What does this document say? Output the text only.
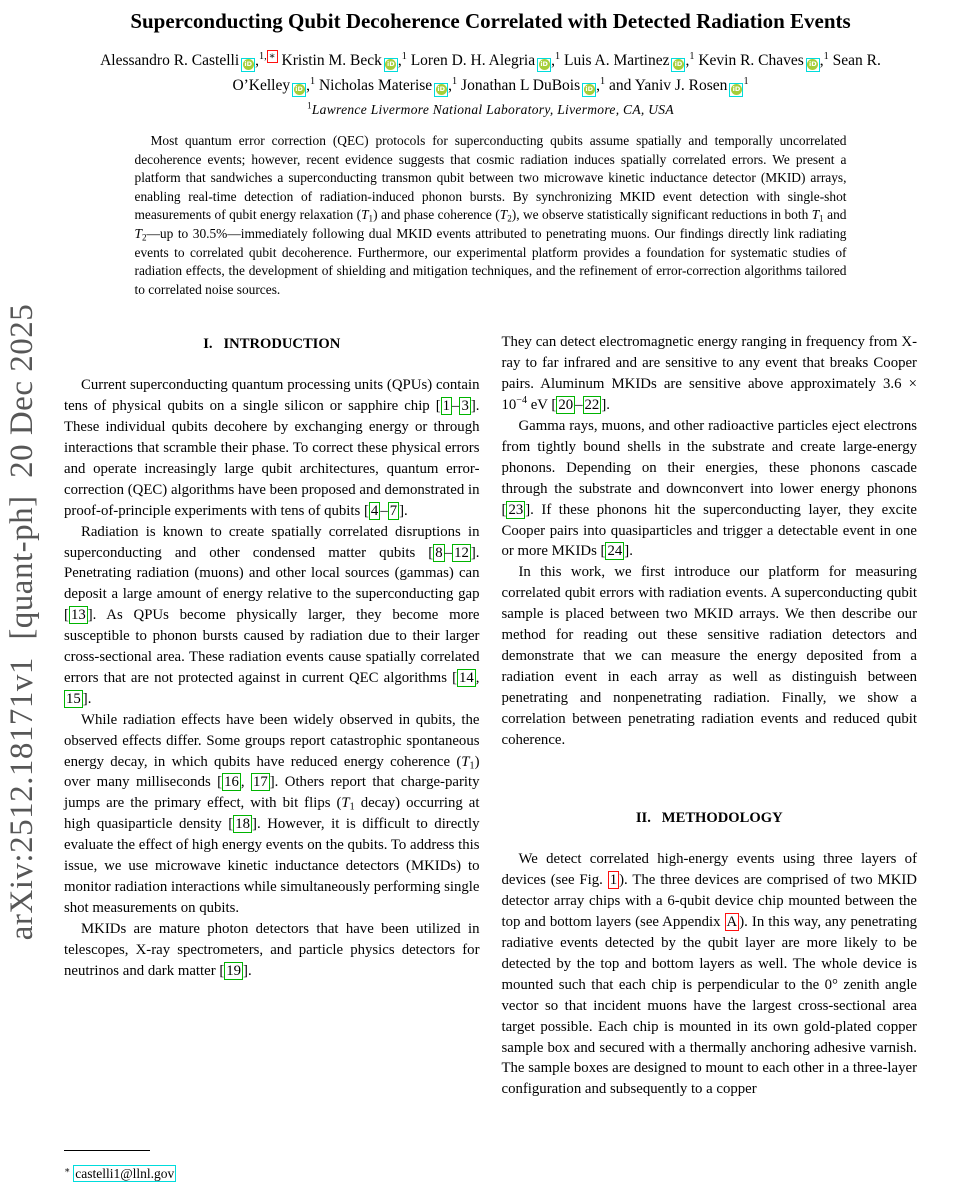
arXiv:2512.18171v1  [quant-ph]  20 Dec 2025
Superconducting Qubit Decoherence Correlated with Detected Radiation Events
Alessandro R. Castelli iD ,$^{1, ∗}$ Kristin M. Beck iD ,$^1$ Loren D. H. Alegria iD ,$^1$ Luis A. Martinez iD ,$^1$ Kevin R. Chaves iD ,$^1$ Sean R. O’Kelley iD ,$^1$ Nicholas Materise iD ,$^1$ Jonathan L DuBois iD ,$^1$ and Yaniv J. Rosen $iD^1$
$^1$Lawrence Livermore National Laboratory, Livermore, CA, USA
Most quantum error correction (QEC) protocols for superconducting qubits assume spatially and temporally uncorrelated decoherence events; however, recent evidence suggests that cosmic radiation induces spatially correlated errors. We present a platform that sandwiches a superconducting transmon qubit between two microwave kinetic inductance detector (MKID) arrays, enabling real-time detection of radiation-induced phonon bursts. By synchronizing MKID event detection with single-shot measurements of qubit energy relaxation $(T_1)$ and phase coherence $(T_2)$, we observe statistically significant reductions in both $T_1$ and $T_2—up$ to 30.5%—immediately following dual MKID events attributed to penetrating muons. Our findings directly link radiating events to correlated qubit decoherence. Furthermore, our experimental platform provides a foundation for systematic studies of radiation effects, the development of shielding and mitigation techniques, and the refinement of error-correction algorithms tailored to correlated noise sources.
I.   INTRODUCTION

Current superconducting quantum processing units (QPUs) contain tens of physical qubits on a single silicon or sapphire chip [ 1 – 3 ]. These individual qubits decohere by exchanging energy or through interactions that scramble their phase. To correct these physical errors and operate increasingly large qubit architectures, quantum error-correction (QEC) algorithms have been proposed and demonstrated in proof-of-principle experiments with tens of qubits [ 4 – 7 ].

Radiation is known to create spatially correlated disruptions in superconducting and other condensed matter qubits [ 8 – 12 ]. Penetrating radiation (muons) and other local sources (gammas) can deposit a large amount of energy relative to the superconducting gap [ 13 ]. As QPUs become physically larger, they become more susceptible to phonon bursts caused by radiation due to their larger cross-sectional area. These radiation events cause spatially correlated errors that are not protected against in current QEC algorithms [ 14 , 15 ].

While radiation effects have been widely observed in qubits, the observed effects differ. Some groups report catastrophic spontaneous energy decay, in which qubits have reduced energy coherence $(T_1)$ over many milliseconds [ 16 , 17 ]. Others report that charge-parity jumps are the primary effect, with bit flips ($T_1$ decay) occurring at high quasiparticle density [ 18 ]. However, it is difficult to directly evaluate the effect of high energy events on the qubits. To address this issue, we use microwave kinetic inductance detectors (MKIDs) to monitor radiation interactions while simultaneously performing single shot measurements on qubits.

MKIDs are mature photon detectors that have been utilized in telescopes, X-ray spectrometers, and particle physics detectors for neutrinos and dark matter [ 19 ].

They can detect electromagnetic energy ranging in frequency from X-ray to far infrared and are sensitive to any event that breaks Cooper pairs. Aluminum MKIDs are sensitive above approximately $3.6 \times 10^{-4}$ eV [ 20 – 22 ].

Gamma rays, muons, and other radioactive particles eject electrons from tightly bound shells in the substrate and create large-energy phonons. Depending on their energies, these phonons cascade through the substrate and downconvert into lower energy phonons [ 23 ]. If these phonons hit the superconducting layer, they excite Cooper pairs into quasiparticles and trigger a detectable event in one or more MKIDs [ 24 ].

In this work, we first introduce our platform for measuring correlated qubit errors with radiation events. A superconducting qubit sample is placed between two MKID arrays. We then describe our method for reading out these sensitive radiation detectors and demonstrate that we can measure the energy deposited from a radiation event in each array as well as distinguish between penetrating and nonpenetrating radiation. Finally, we show a correlation between penetrating radiation events and reduced qubit coherence.

II.   METHODOLOGY

We detect correlated high-energy events using three layers of devices (see Fig. 1 ). The three devices are comprised of two MKID detector array chips with a 6-qubit device chip mounted between the top and bottom layers (see Appendix A ). In this way, any penetrating radiative events detected by the qubit layer are more likely to be detected by the top and bottom layers as well. The whole device is mounted such that each chip is perpendicular to the 0° zenith angle vector so that incident muons have the largest cross-sectional area target possible. Each chip is mounted in its own gold-plated copper sample box and secured with a thermally anchoring adhesive varnish. The sample boxes are designed to mount to each other in a three-layer configuration and subsequently to a copper

∗ castelli1@llnl.gov
